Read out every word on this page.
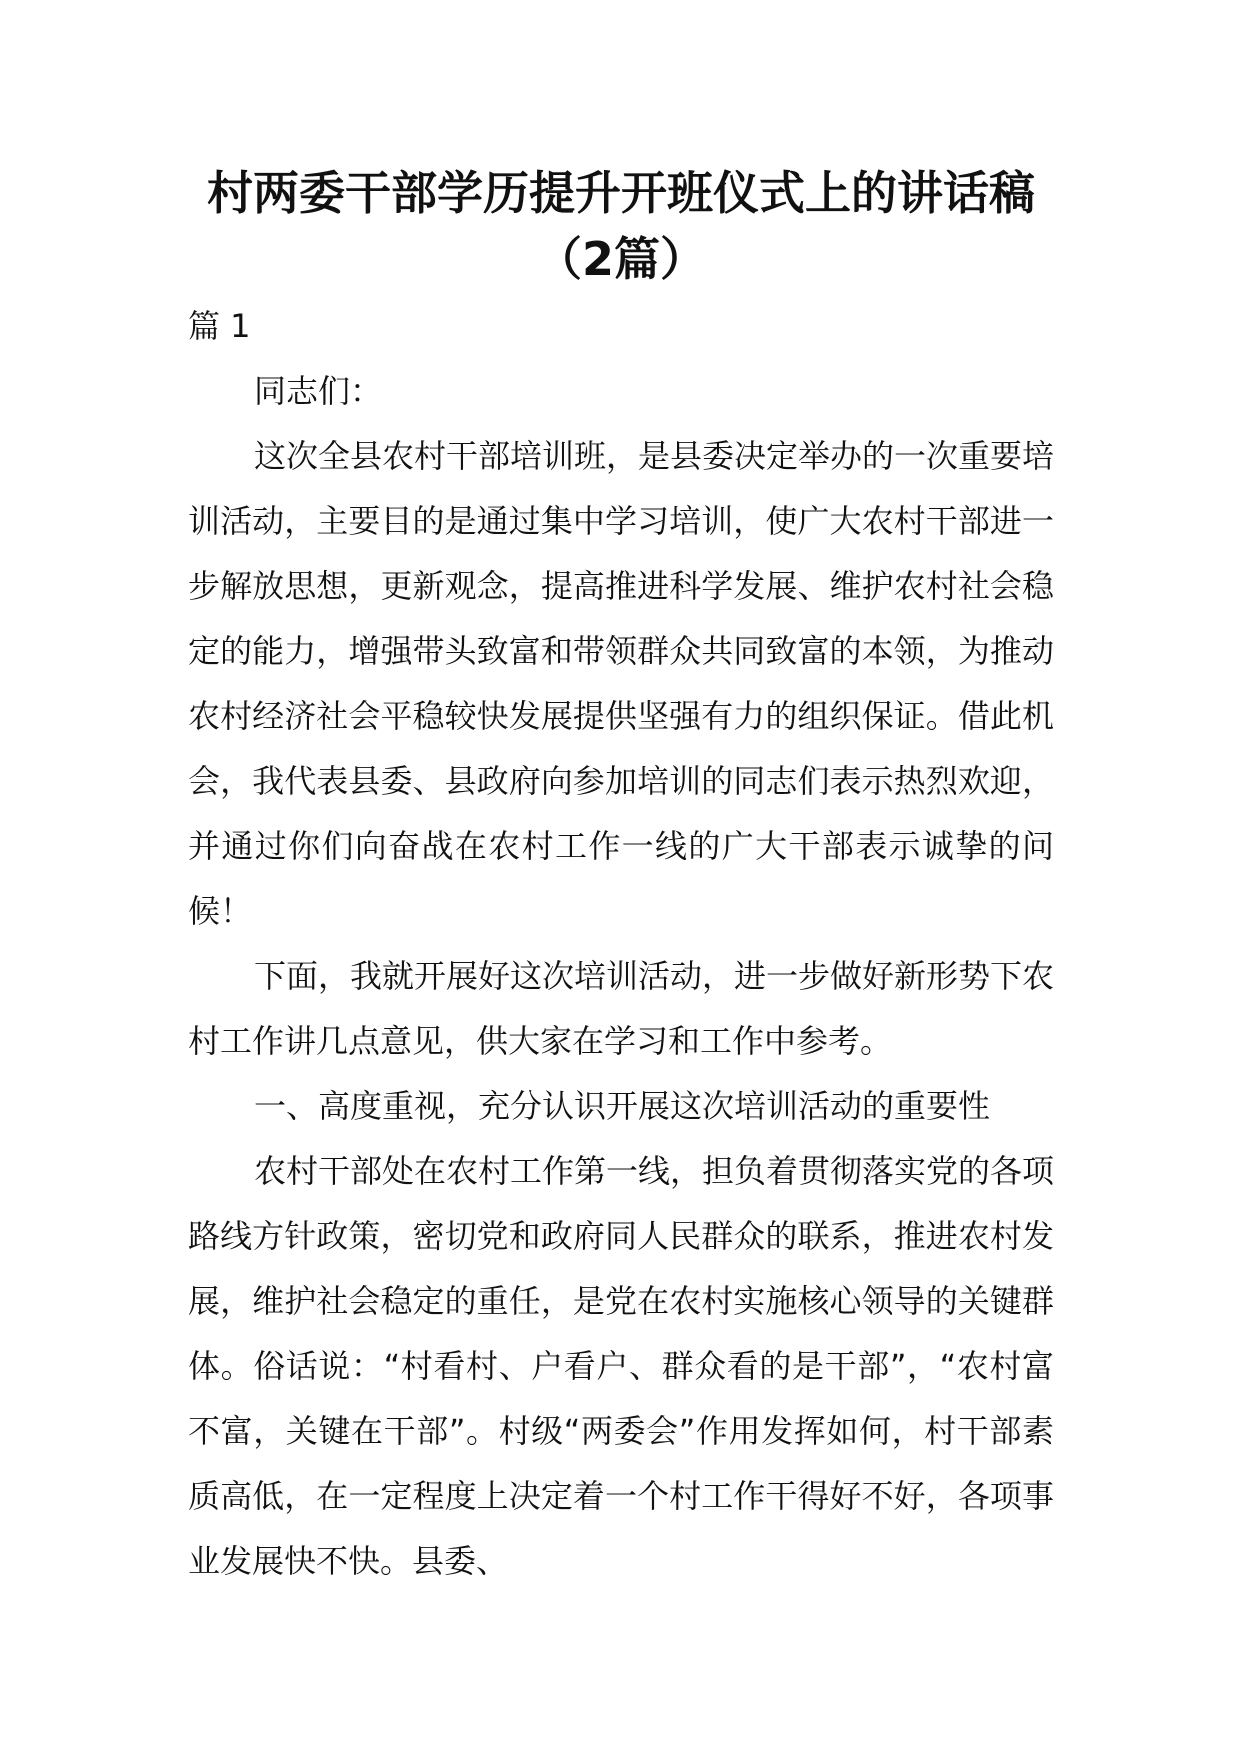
村两委干部学历提升开班仪式上的讲话稿
（2篇）
篇 1

同志们：

这次全县农村干部培训班，是县委决定举办的一次重要培训活动，主要目的是通过集中学习培训，使广大农村干部进一步解放思想，更新观念，提高推进科学发展、维护农村社会稳定的能力，增强带头致富和带领群众共同致富的本领，为推动农村经济社会平稳较快发展提供坚强有力的组织保证。借此机会，我代表县委、县政府向参加培训的同志们表示热烈欢迎，并通过你们向奋战在农村工作一线的广大干部表示诚挚的问候！

下面，我就开展好这次培训活动，进一步做好新形势下农村工作讲几点意见，供大家在学习和工作中参考。

一、高度重视，充分认识开展这次培训活动的重要性

农村干部处在农村工作第一线，担负着贯彻落实党的各项路线方针政策，密切党和政府同人民群众的联系，推进农村发展，维护社会稳定的重任，是党在农村实施核心领导的关键群体。俗话说：“村看村、户看户、群众看的是干部”，“农村富不富，关键在干部”。村级“两委会”作用发挥如何，村干部素质高低，在一定程度上决定着一个村工作干得好不好，各项事业发展快不快。县委、
